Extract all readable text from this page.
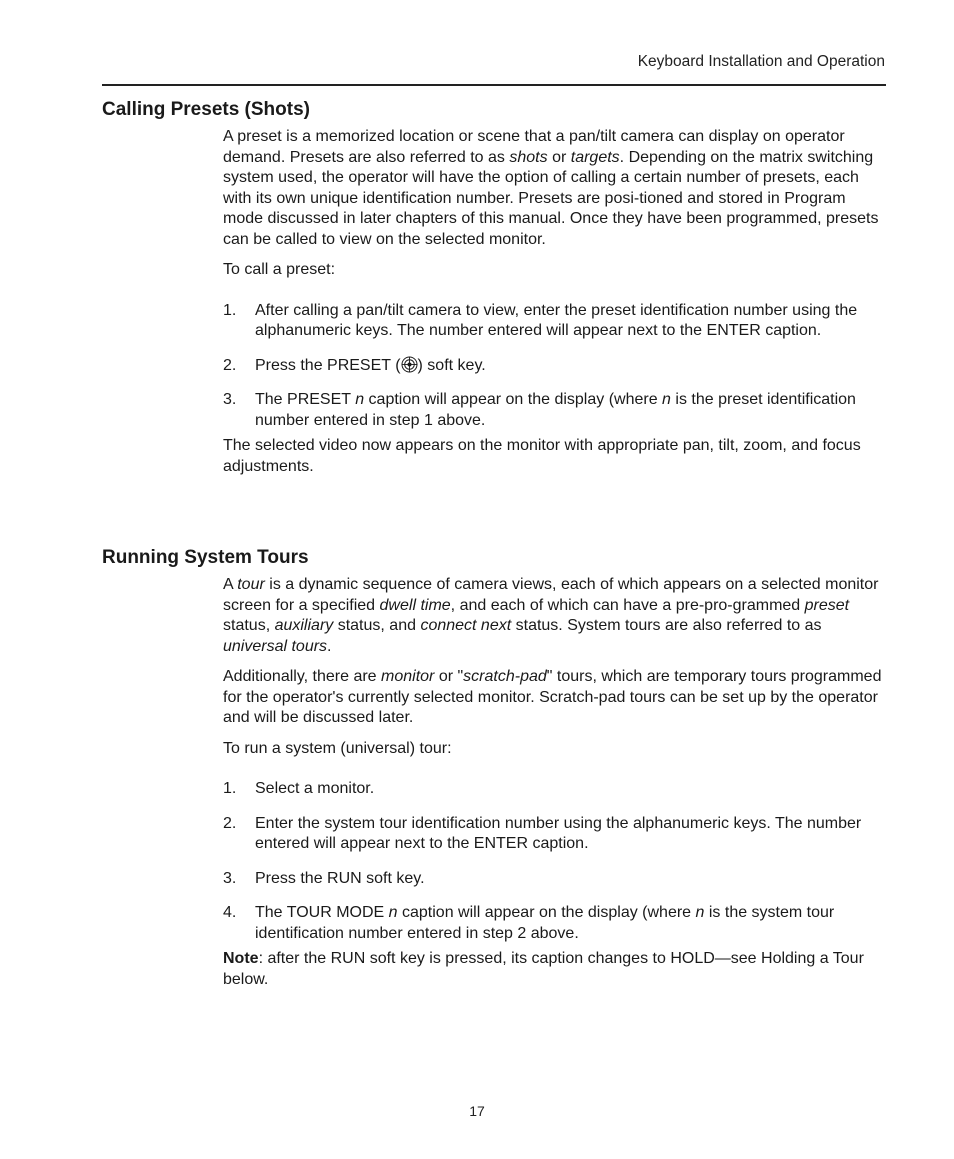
Keyboard Installation and Operation
Calling Presets (Shots)

A preset is a memorized location or scene that a pan/tilt camera can display on operator demand. Presets are also referred to as shots or targets. Depending on the matrix switching system used, the operator will have the option of calling a certain number of presets, each with its own unique identification number. Presets are posi-tioned and stored in Program mode discussed in later chapters of this manual. Once they have been programmed, presets can be called to view on the selected monitor.

To call a preset:

1. After calling a pan/tilt camera to view, enter the preset identification number using the alphanumeric keys. The number entered will appear next to the ENTER caption.
2. Press the PRESET ( ) soft key.
3. The PRESET n caption will appear on the display (where n is the preset identification number entered in step 1 above.

The selected video now appears on the monitor with appropriate pan, tilt, zoom, and focus adjustments.

Running System Tours

A tour is a dynamic sequence of camera views, each of which appears on a selected monitor screen for a specified dwell time, and each of which can have a pre-pro-grammed preset status, auxiliary status, and connect next status. System tours are also referred to as universal tours.

Additionally, there are monitor or "scratch-pad" tours, which are temporary tours programmed for the operator's currently selected monitor. Scratch-pad tours can be set up by the operator and will be discussed later.

To run a system (universal) tour:

1. Select a monitor.
2. Enter the system tour identification number using the alphanumeric keys. The number entered will appear next to the ENTER caption.
3. Press the RUN soft key.
4. The TOUR MODE n caption will appear on the display (where n is the system tour identification number entered in step 2 above.

Note: after the RUN soft key is pressed, its caption changes to HOLD—see Holding a Tour below.

17
